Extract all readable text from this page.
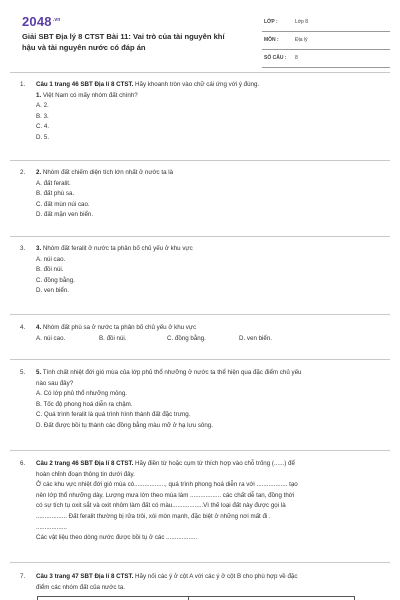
$2048^{.vn}$
Giải SBT Địa lý 8 CTST Bài 11: Vai trò của tài nguyên khí hậu và tài nguyên nước có đáp án
LỚP :	Lớp 8
MÔN :	Địa lý
SỐ CÂU : 8
1. Câu 1 trang 46 SBT Địa lí 8 CTST. Hãy khoanh tròn vào chữ cái ứng với ý đúng.
1. Việt Nam có mấy nhóm đất chính?
A. 2.
B. 3.
C. 4.
D. 5.
2. 2. Nhóm đất chiếm diện tích lớn nhất ở nước ta là
A. đất feralit.
B. đất phù sa.
C. đất mùn núi cao.
D. đất mặn ven biển.
3. 3. Nhóm đất feralit ở nước ta phân bố chủ yếu ở khu vực
A. núi cao.
B. đồi núi.
C. đồng bằng.
D. ven biển.
4. 4. Nhóm đất phù sa ở nước ta phân bố chủ yếu ở khu vực
A. núi cao.	B. đồi núi.	C. đồng bằng.	D. ven biển.
5. 5. Tính chất nhiệt đới gió mùa của lớp phủ thổ nhưỡng ở nước ta thể hiện qua đặc điểm chủ yếu
nào sau đây?
A. Có lớp phủ thổ nhưỡng mỏng.
B. Tốc độ phong hoá diễn ra chậm.
C. Quá trình feralit là quá trình hình thành đất đặc trưng.
D. Đất được bồi tụ thành các đồng bằng màu mỡ ở hạ lưu sông.
6. Câu 2 trang 46 SBT Địa lí 8 CTST. Hãy điền từ hoặc cụm từ thích hợp vào chỗ trống (......) để
hoàn chỉnh đoạn thông tin dưới đây.
Ở các khu vực nhiệt đới gió mùa có.................., quá trình phong hoá diễn ra với .................. tạo
nên lớp thổ nhưỡng dày. Lượng mưa lớn theo mùa làm .................. các chất dễ tan, đồng thời
có sự tích tụ oxit sắt và oxit nhôm làm đất có màu..................Vì thế loại đất này được gọi là
.................. Đất feralit thường bị rửa trôi, xói mòn mạnh, đặc biệt ở những nơi mất đi .
..................
Các vật liệu theo dòng nước được bồi tụ ở các ..................
7. Câu 3 trang 47 SBT Địa lí 8 CTST. Hãy nối các ý ở cột A với các ý ở cột B cho phù hợp về đặc
điểm các nhóm đất của nước ta.
